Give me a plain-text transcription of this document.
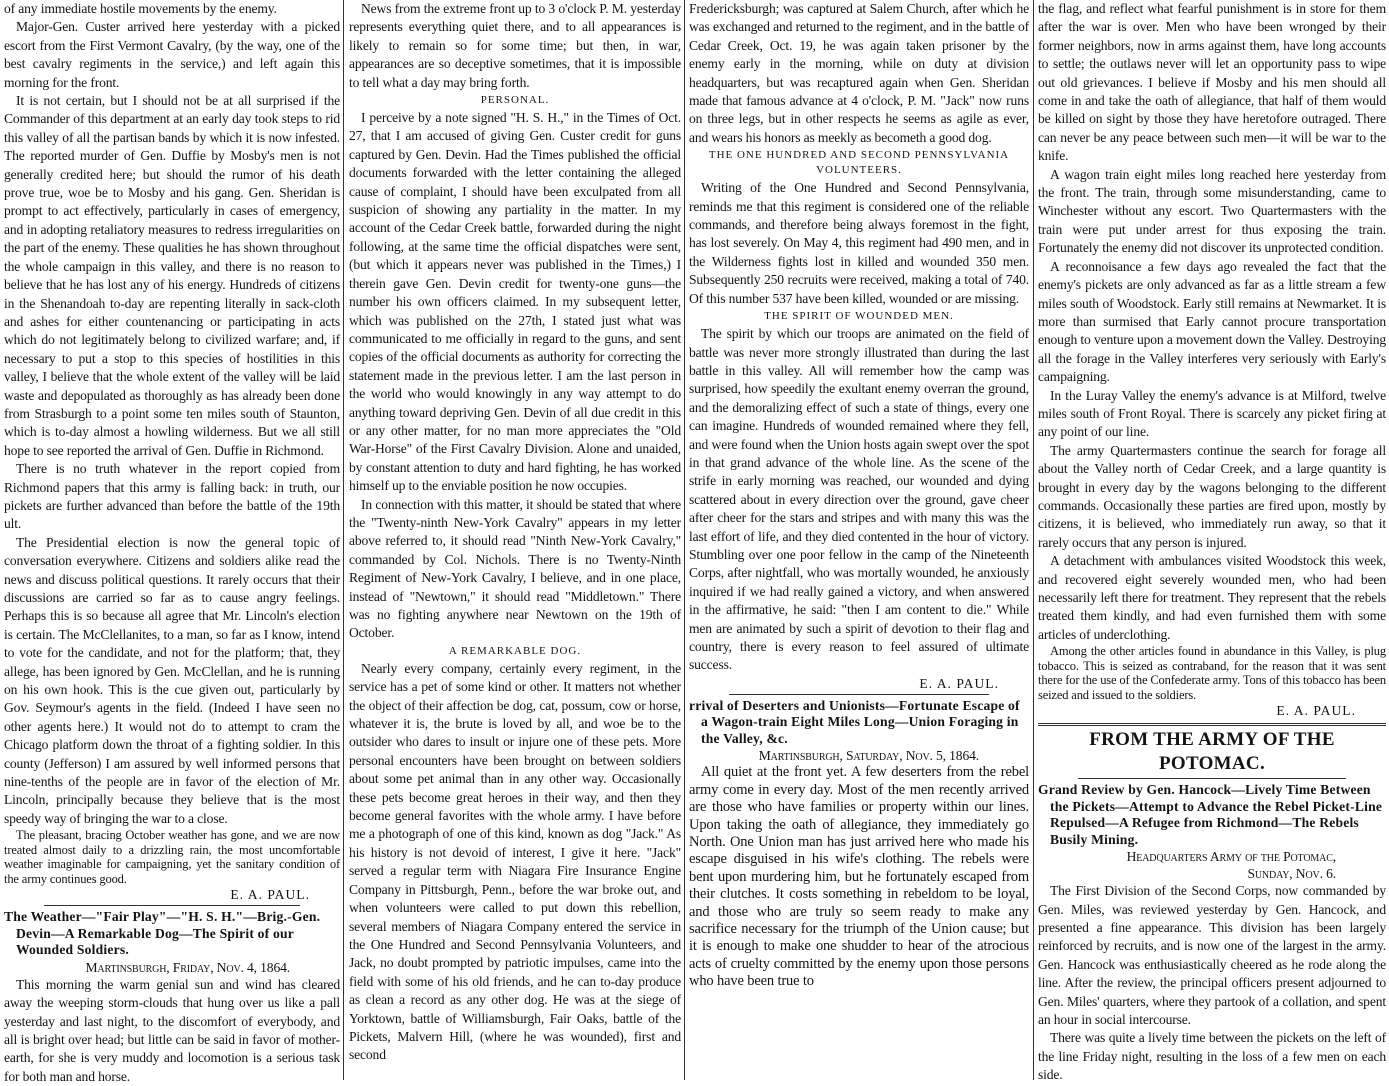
of any immediate hostile movements by the enemy.

Major-Gen. Custer arrived here yesterday with a picked escort from the First Vermont Cavalry, (by the way, one of the best cavalry regiments in the service,) and left again this morning for the front.

It is not certain, but I should not be at all surprised if the Commander of this department at an early day took steps to rid this valley of all the partisan bands by which it is now infested. The reported murder of Gen. Duffie by Mosby's men is not generally credited here; but should the rumor of his death prove true, woe be to Mosby and his gang. Gen. Sheridan is prompt to act effectively, particularly in cases of emergency, and in adopting retaliatory measures to redress irregularities on the part of the enemy. These qualities he has shown throughout the whole campaign in this valley, and there is no reason to believe that he has lost any of his energy. Hundreds of citizens in the Shenandoah to-day are repenting literally in sack-cloth and ashes for either countenancing or participating in acts which do not legitimately belong to civilized warfare; and, if necessary to put a stop to this species of hostilities in this valley, I believe that the whole extent of the valley will be laid waste and depopulated as thoroughly as has already been done from Strasburgh to a point some ten miles south of Staunton, which is to-day almost a howling wilderness. But we all still hope to see reported the arrival of Gen. Duffie in Richmond.

There is no truth whatever in the report copied from Richmond papers that this army is falling back: in truth, our pickets are further advanced than before the battle of the 19th ult.

The Presidential election is now the general topic of conversation everywhere. Citizens and soldiers alike read the news and discuss political questions. It rarely occurs that their discussions are carried so far as to cause angry feelings. Perhaps this is so because all agree that Mr. Lincoln's election is certain. The McClellanites, to a man, so far as I know, intend to vote for the candidate, and not for the platform; that, they allege, has been ignored by Gen. McClellan, and he is running on his own hook. This is the cue given out, particularly by Gov. Seymour's agents in the field. (Indeed I have seen no other agents here.) It would not do to attempt to cram the Chicago platform down the throat of a fighting soldier. In this county (Jefferson) I am assured by well informed persons that nine-tenths of the people are in favor of the election of Mr. Lincoln, principally because they believe that is the most speedy way of bringing the war to a close.

The pleasant, bracing October weather has gone, and we are now treated almost daily to a drizzling rain, the most uncomfortable weather imaginable for campaigning, yet the sanitary condition of the army continues good.

E. A. PAUL.
The Weather—"Fair Play"—"H. S. H."—Brig.-Gen. Devin—A Remarkable Dog—The Spirit of our Wounded Soldiers.
Martinsburgh, Friday, Nov. 4, 1864.

This morning the warm genial sun and wind has cleared away the weeping storm-clouds that hung over us like a pall yesterday and last night, to the discomfort of everybody, and all is bright over head; but little can be said in favor of mother-earth, for she is very muddy and locomotion is a serious task for both man and horse.

News from the extreme front up to 3 o'clock P. M. yesterday represents everything quiet there, and to all appearances is likely to remain so for some time; but then, in war, appearances are so deceptive sometimes, that it is impossible to tell what a day may bring forth.

PERSONAL.

I perceive by a note signed "H. S. H.," in the Times of Oct. 27, that I am accused of giving Gen. Custer credit for guns captured by Gen. Devin. Had the Times published the official documents forwarded with the letter containing the alleged cause of complaint, I should have been exculpated from all suspicion of showing any partiality in the matter. In my account of the Cedar Creek battle, forwarded during the night following, at the same time the official dispatches were sent, (but which it appears never was published in the Times,) I therein gave Gen. Devin credit for twenty-one guns—the number his own officers claimed. In my subsequent letter, which was published on the 27th, I stated just what was communicated to me officially in regard to the guns, and sent copies of the official documents as authority for correcting the statement made in the previous letter. I am the last person in the world who would knowingly in any way attempt to do anything toward depriving Gen. Devin of all due credit in this or any other matter, for no man more appreciates the "Old War-Horse" of the First Cavalry Division. Alone and unaided, by constant attention to duty and hard fighting, he has worked himself up to the enviable position he now occupies.

In connection with this matter, it should be stated that where the "Twenty-ninth New-York Cavalry" appears in my letter above referred to, it should read "Ninth New-York Cavalry," commanded by Col. Nichols. There is no Twenty-Ninth Regiment of New-York Cavalry, I believe, and in one place, instead of "Newtown," it should read "Middletown." There was no fighting anywhere near Newtown on the 19th of October.

A REMARKABLE DOG.

Nearly every company, certainly every regiment, in the service has a pet of some kind or other. It matters not whether the object of their affection be dog, cat, possum, cow or horse, whatever it is, the brute is loved by all, and woe be to the outsider who dares to insult or injure one of these pets. More personal encounters have been brought on between soldiers about some pet animal than in any other way. Occasionally these pets become great heroes in their way, and then they become general favorites with the whole army. I have before me a photograph of one of this kind, known as dog "Jack." As his history is not devoid of interest, I give it here. "Jack" served a regular term with Niagara Fire Insurance Engine Company in Pittsburgh, Penn., before the war broke out, and when volunteers were called to put down this rebellion, several members of Niagara Company entered the service in the One Hundred and Second Pennsylvania Volunteers, and Jack, no doubt prompted by patriotic impulses, came into the field with some of his old friends, and he can to-day produce as clean a record as any other dog. He was at the siege of Yorktown, battle of Williamsburgh, Fair Oaks, battle of the Pickets, Malvern Hill, (where he was wounded), first and second

Fredericksburgh; was captured at Salem Church, after which he was exchanged and returned to the regiment, and in the battle of Cedar Creek, Oct. 19, he was again taken prisoner by the enemy early in the morning, while on duty at division headquarters, but was recaptured again when Gen. Sheridan made that famous advance at 4 o'clock, P. M. "Jack" now runs on three legs, but in other respects he seems as agile as ever, and wears his honors as meekly as becometh a good dog.

THE ONE HUNDRED AND SECOND PENNSYLVANIA VOLUNTEERS.

Writing of the One Hundred and Second Pennsylvania, reminds me that this regiment is considered one of the reliable commands, and therefore being always foremost in the fight, has lost severely. On May 4, this regiment had 490 men, and in the Wilderness fights lost in killed and wounded 350 men. Subsequently 250 recruits were received, making a total of 740. Of this number 537 have been killed, wounded or are missing.

THE SPIRIT OF WOUNDED MEN.

The spirit by which our troops are animated on the field of battle was never more strongly illustrated than during the last battle in this valley. All will remember how the camp was surprised, how speedily the exultant enemy overran the ground, and the demoralizing effect of such a state of things, every one can imagine. Hundreds of wounded remained where they fell, and were found when the Union hosts again swept over the spot in that grand advance of the whole line. As the scene of the strife in early morning was reached, our wounded and dying scattered about in every direction over the ground, gave cheer after cheer for the stars and stripes and with many this was the last effort of life, and they died contented in the hour of victory. Stumbling over one poor fellow in the camp of the Nineteenth Corps, after nightfall, who was mortally wounded, he anxiously inquired if we had really gained a victory, and when answered in the affirmative, he said: "then I am content to die." While men are animated by such a spirit of devotion to their flag and country, there is every reason to feel assured of ultimate success.

E. A. PAUL.
rrival of Deserters and Unionists—Fortunate Escape of a Wagon-train Eight Miles Long—Union Foraging in the Valley, &c.
Martinsburgh, Saturday, Nov. 5, 1864.

All quiet at the front yet. A few deserters from the rebel army come in every day. Most of the men recently arrived are those who have families or property within our lines. Upon taking the oath of allegiance, they immediately go North. One Union man has just arrived here who made his escape disguised in his wife's clothing. The rebels were bent upon murdering him, but he fortunately escaped from their clutches. It costs something in rebeldom to be loyal, and those who are truly so seem ready to make any sacrifice necessary for the triumph of the Union cause; but it is enough to make one shudder to hear of the atrocious acts of cruelty committed by the enemy upon those persons who have been true to

the flag, and reflect what fearful punishment is in store for them after the war is over. Men who have been wronged by their former neighbors, now in arms against them, have long accounts to settle; the outlaws never will let an opportunity pass to wipe out old grievances. I believe if Mosby and his men should all come in and take the oath of allegiance, that half of them would be killed on sight by those they have heretofore outraged. There can never be any peace between such men—it will be war to the knife.

A wagon train eight miles long reached here yesterday from the front. The train, through some misunderstanding, came to Winchester without any escort. Two Quartermasters with the train were put under arrest for thus exposing the train. Fortunately the enemy did not discover its unprotected condition.

A reconnoisance a few days ago revealed the fact that the enemy's pickets are only advanced as far as a little stream a few miles south of Woodstock. Early still remains at Newmarket. It is more than surmised that Early cannot procure transportation enough to venture upon a movement down the Valley. Destroying all the forage in the Valley interferes very seriously with Early's campaigning.

In the Luray Valley the enemy's advance is at Milford, twelve miles south of Front Royal. There is scarcely any picket firing at any point of our line.

The army Quartermasters continue the search for forage all about the Valley north of Cedar Creek, and a large quantity is brought in every day by the wagons belonging to the different commands. Occasionally these parties are fired upon, mostly by citizens, it is believed, who immediately run away, so that it rarely occurs that any person is injured.

A detachment with ambulances visited Woodstock this week, and recovered eight severely wounded men, who had been necessarily left there for treatment. They represent that the rebels treated them kindly, and had even furnished them with some articles of underclothing.

Among the other articles found in abundance in this Valley, is plug tobacco. This is seized as contraband, for the reason that it was sent there for the use of the Confederate army. Tons of this tobacco has been seized and issued to the soldiers.

E. A. PAUL.
FROM THE ARMY OF THE POTOMAC.
Grand Review by Gen. Hancock—Lively Time Between the Pickets—Attempt to Advance the Rebel Picket-Line Repulsed—A Refugee from Richmond—The Rebels Busily Mining.
Headquarters Army of the Potomac,
Sunday, Nov. 6.

The First Division of the Second Corps, now commanded by Gen. Miles, was reviewed yesterday by Gen. Hancock, and presented a fine appearance. This division has been largely reinforced by recruits, and is now one of the largest in the army. Gen. Hancock was enthusiastically cheered as he rode along the line. After the review, the principal officers present adjourned to Gen. Miles' quarters, where they partook of a collation, and spent an hour in social intercourse.

There was quite a lively time between the pickets on the left of the line Friday night, resulting in the loss of a few men on each side.
